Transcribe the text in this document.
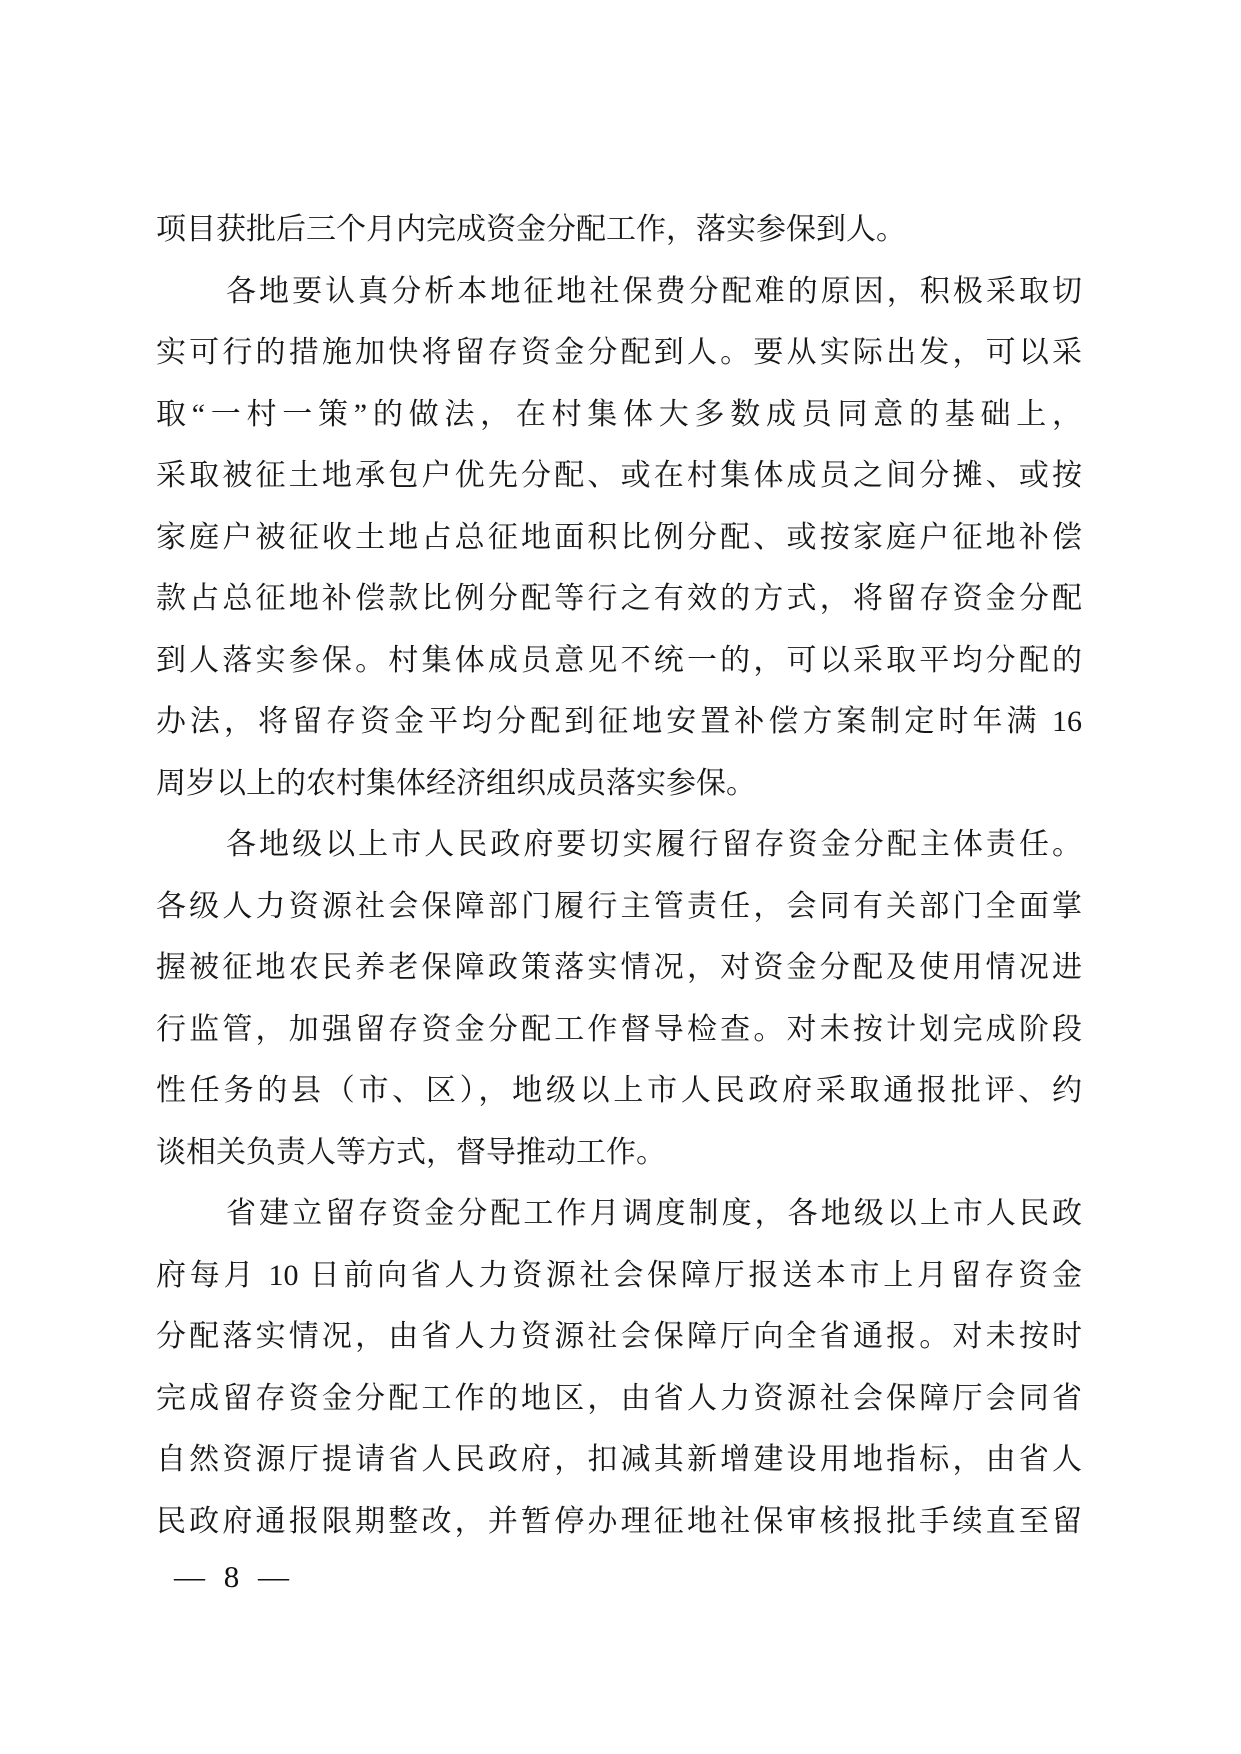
项目获批后三个月内完成资金分配工作，落实参保到人。
各地要认真分析本地征地社保费分配难的原因，积极采取切
实可行的措施加快将留存资金分配到人。要从实际出发，可以采
取“一村一策”的做法，在村集体大多数成员同意的基础上，
采取被征土地承包户优先分配、或在村集体成员之间分摊、或按
家庭户被征收土地占总征地面积比例分配、或按家庭户征地补偿
款占总征地补偿款比例分配等行之有效的方式，将留存资金分配
到人落实参保。村集体成员意见不统一的，可以采取平均分配的
办法，将留存资金平均分配到征地安置补偿方案制定时年满 16
周岁以上的农村集体经济组织成员落实参保。
各地级以上市人民政府要切实履行留存资金分配主体责任。
各级人力资源社会保障部门履行主管责任，会同有关部门全面掌
握被征地农民养老保障政策落实情况，对资金分配及使用情况进
行监管，加强留存资金分配工作督导检查。对未按计划完成阶段
性任务的县（市、区），地级以上市人民政府采取通报批评、约
谈相关负责人等方式，督导推动工作。
省建立留存资金分配工作月调度制度，各地级以上市人民政
府每月 10 日前向省人力资源社会保障厅报送本市上月留存资金
分配落实情况，由省人力资源社会保障厅向全省通报。对未按时
完成留存资金分配工作的地区，由省人力资源社会保障厅会同省
自然资源厅提请省人民政府，扣减其新增建设用地指标，由省人
民政府通报限期整改，并暂停办理征地社保审核报批手续直至留
— 8 —
